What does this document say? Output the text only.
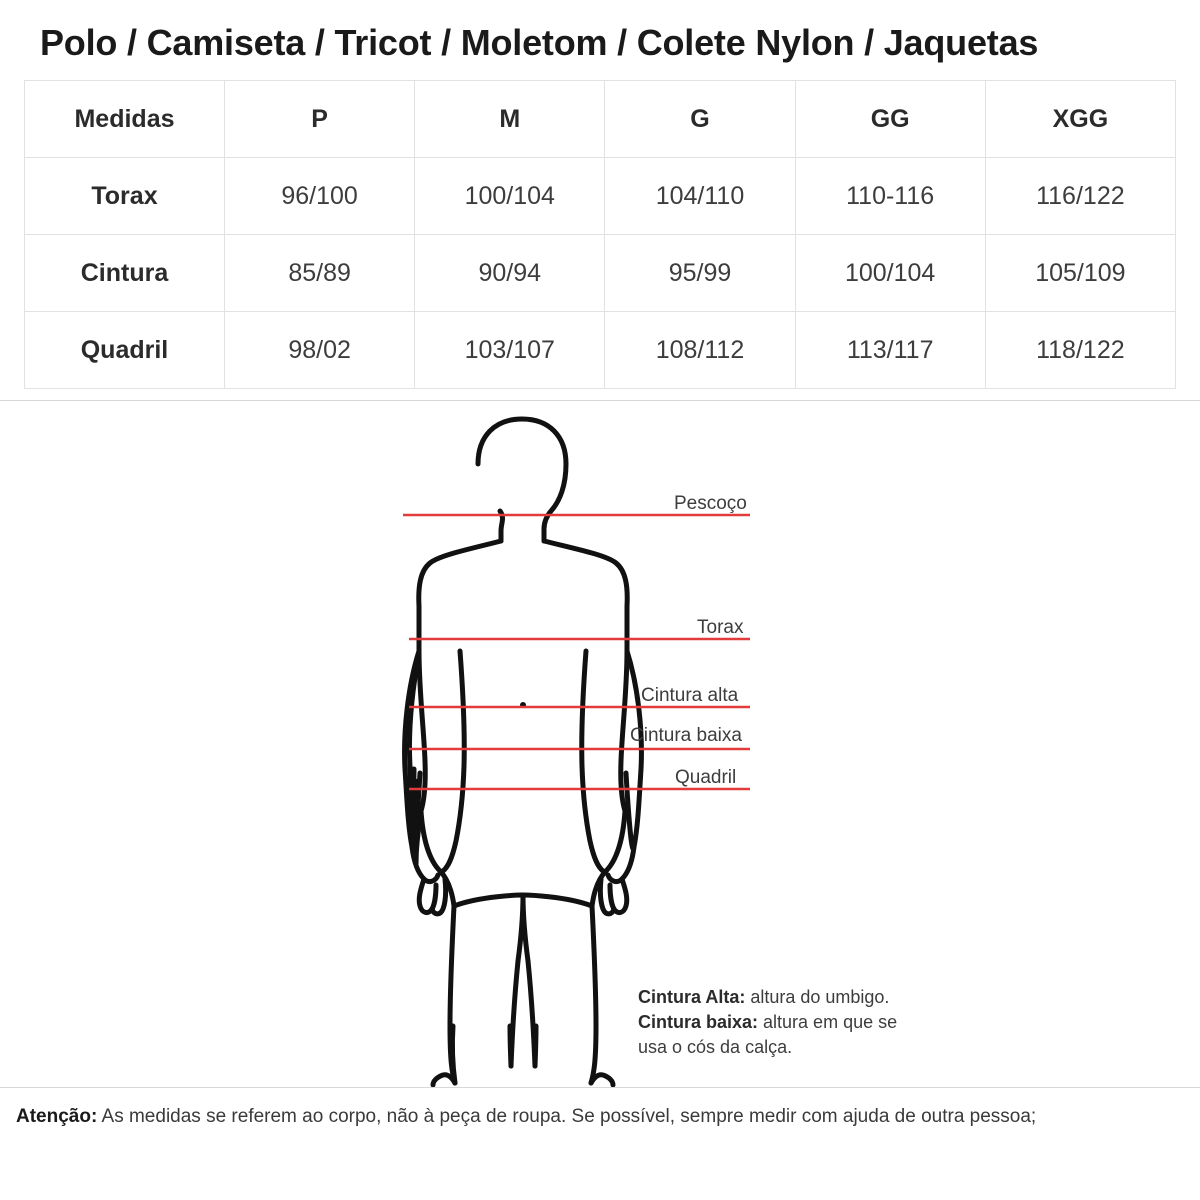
Polo / Camiseta / Tricot / Moletom / Colete Nylon / Jaquetas
Medidas	P	M	G	GG	XGG
Torax	96/100	100/104	104/110	110-116	116/122
Cintura	85/89	90/94	95/99	100/104	105/109
Quadril	98/02	103/107	108/112	113/117	118/122
Pescoço
Torax
Cintura alta
Cintura baixa
Quadril
Cintura Alta: altura do umbigo.
Cintura baixa: altura em que se
usa o cós da calça.
Atenção: As medidas se referem ao corpo, não à peça de roupa. Se possível, sempre medir com ajuda de outra pessoa;
